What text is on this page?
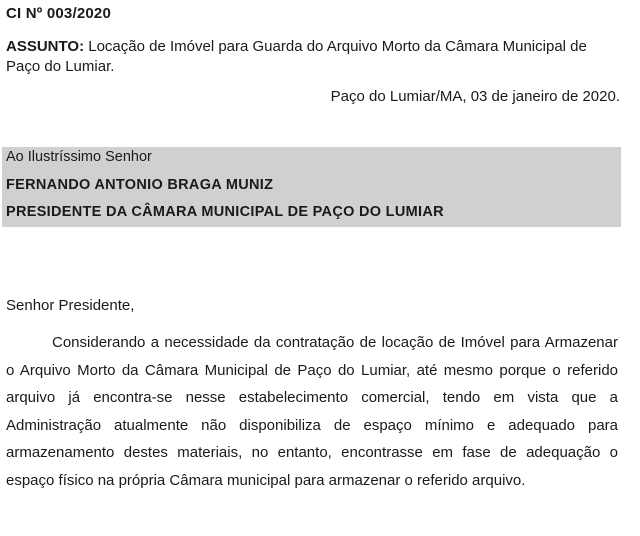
CI Nº 003/2020
ASSUNTO: Locação de Imóvel para Guarda do Arquivo Morto da Câmara Municipal de Paço do Lumiar.
Paço do Lumiar/MA, 03 de janeiro de 2020.
Ao Ilustríssimo Senhor
FERNANDO ANTONIO BRAGA MUNIZ
PRESIDENTE DA CÂMARA MUNICIPAL DE PAÇO DO LUMIAR
Senhor Presidente,

Considerando a necessidade da contratação de locação de Imóvel para Armazenar o Arquivo Morto da Câmara Municipal de Paço do Lumiar, até mesmo porque o referido arquivo já encontra-se nesse estabelecimento comercial, tendo em vista que a Administração atualmente não disponibiliza de espaço mínimo e adequado para armazenamento destes materiais, no entanto, encontrasse em fase de adequação o espaço físico na própria Câmara municipal para armazenar o referido arquivo.
